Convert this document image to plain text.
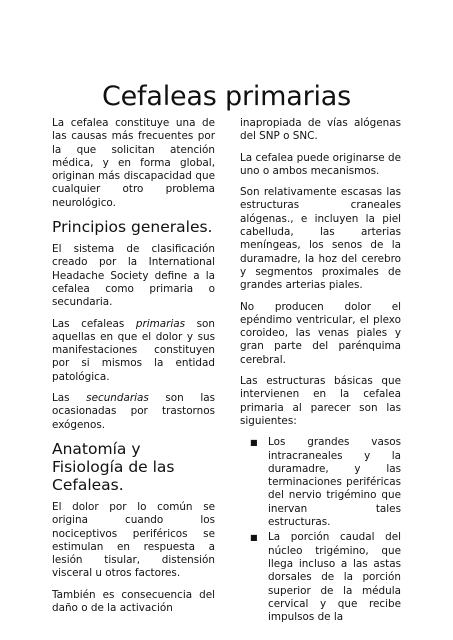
Cefaleas primarias

La cefalea constituye una de las causas más frecuentes por la que solicitan atención médica, y en forma global, originan más discapacidad que cualquier otro problema neurológico.

Principios generales.

El sistema de clasificación creado por la International Headache Society define a la cefalea como primaria o secundaria.

Las cefaleas primarias son aquellas en que el dolor y sus manifestaciones constituyen por si mismos la entidad patológica.

Las secundarias son las ocasionadas por trastornos exógenos.

Anatomía y Fisiología de las Cefaleas.

El dolor por lo común se origina cuando los nociceptivos periféricos se estimulan en respuesta a lesión tisular, distensión visceral u otros factores.

También es consecuencia del daño o de la activación

inapropiada de vías alógenas del SNP o SNC.

La cefalea puede originarse de uno o ambos mecanismos.

Son relativamente escasas las estructuras craneales alógenas., e incluyen la piel cabelluda, las arterias meníngeas, los senos de la duramadre, la hoz del cerebro y segmentos proximales de grandes arterias piales.

No producen dolor el epéndimo ventricular, el plexo coroideo, las venas piales y gran parte del parénquima cerebral.

Las estructuras básicas que intervienen en la cefalea primaria al parecer son las siguientes:

■ Los grandes vasos intracraneales y la duramadre, y las terminaciones periféricas del nervio trigémino que inervan tales estructuras.
■ La porción caudal del núcleo trigémino, que llega incluso a las astas dorsales de la porción superior de la médula cervical y que recibe impulsos de la
